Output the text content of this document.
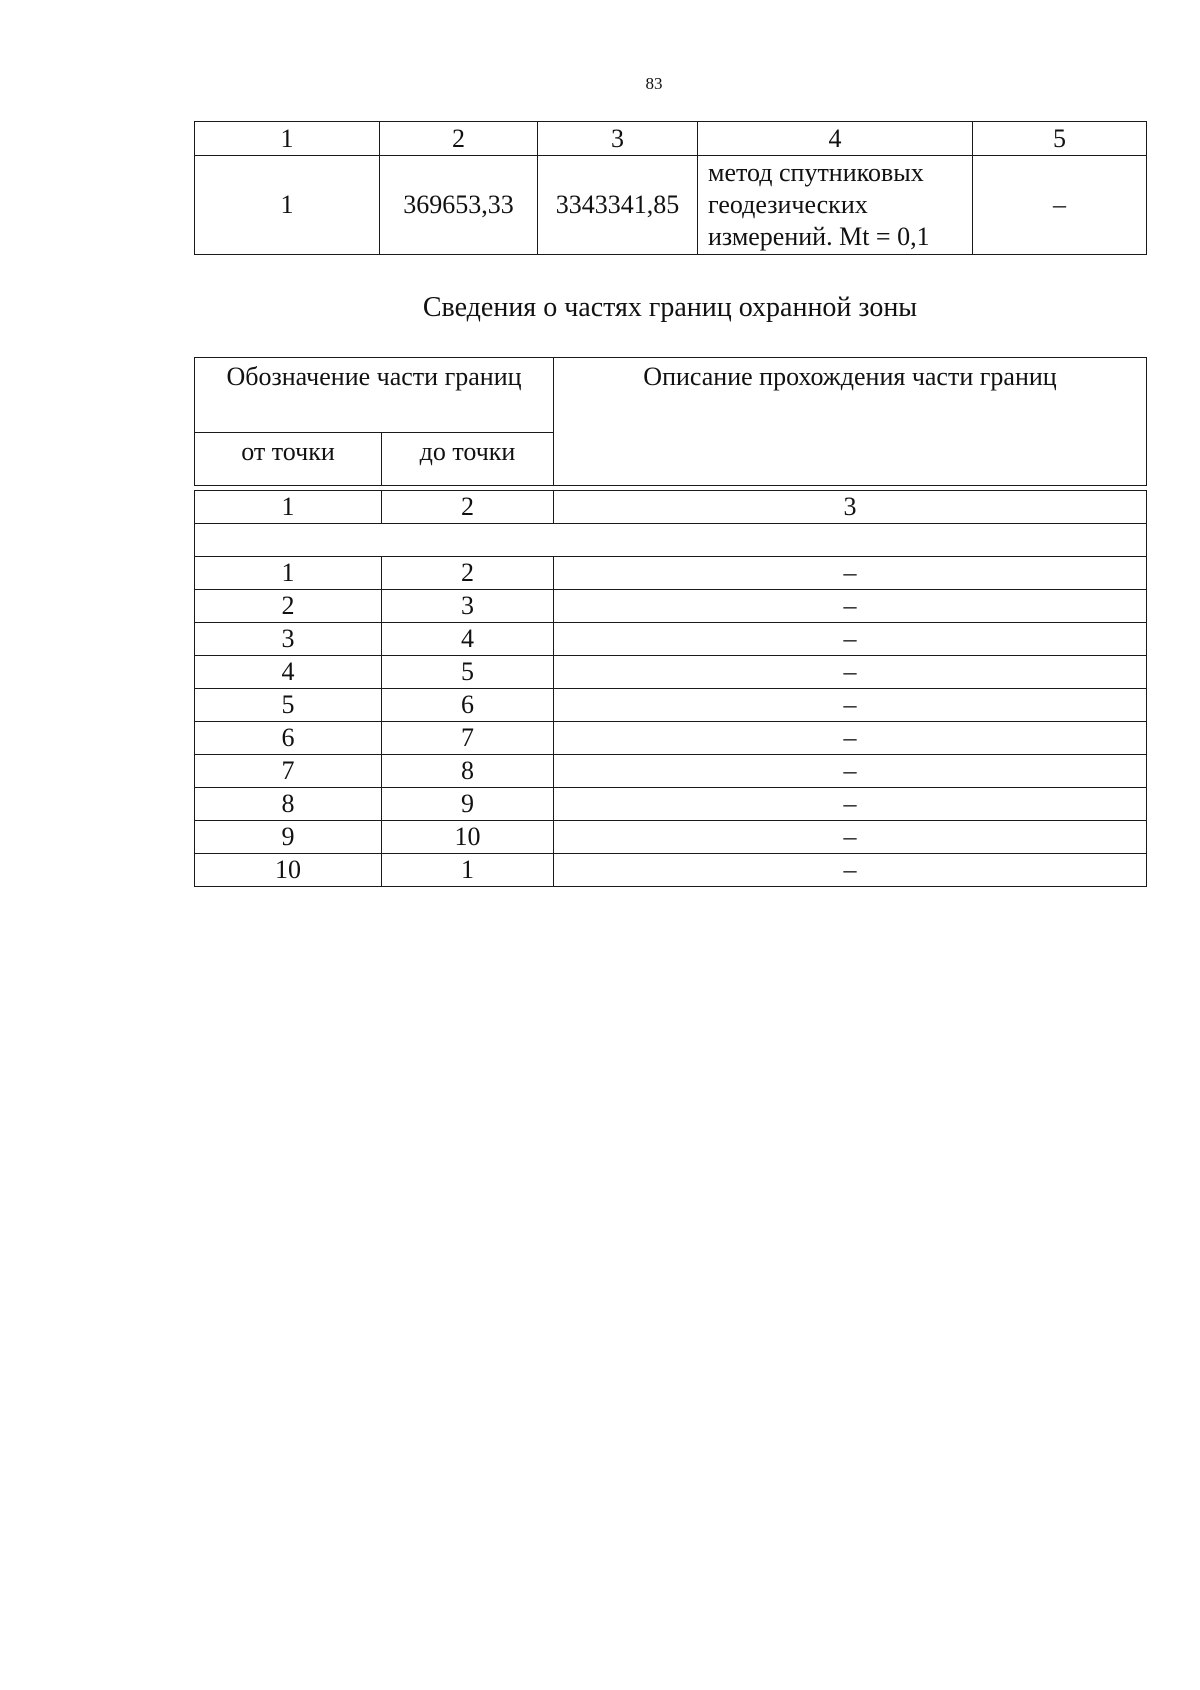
83
1	2	3	4	5
1	369653,33	3343341,85	метод спутниковых
геодезических
измерений. Mt = 0,1	–
Сведения о частях границ охранной зоны
Обозначение части границ		Описание прохождения части границ
от точки	до точки	

1	2	3

1	2	–
2	3	–
3	4	–
4	5	–
5	6	–
6	7	–
7	8	–
8	9	–
9	10	–
10	1	–
